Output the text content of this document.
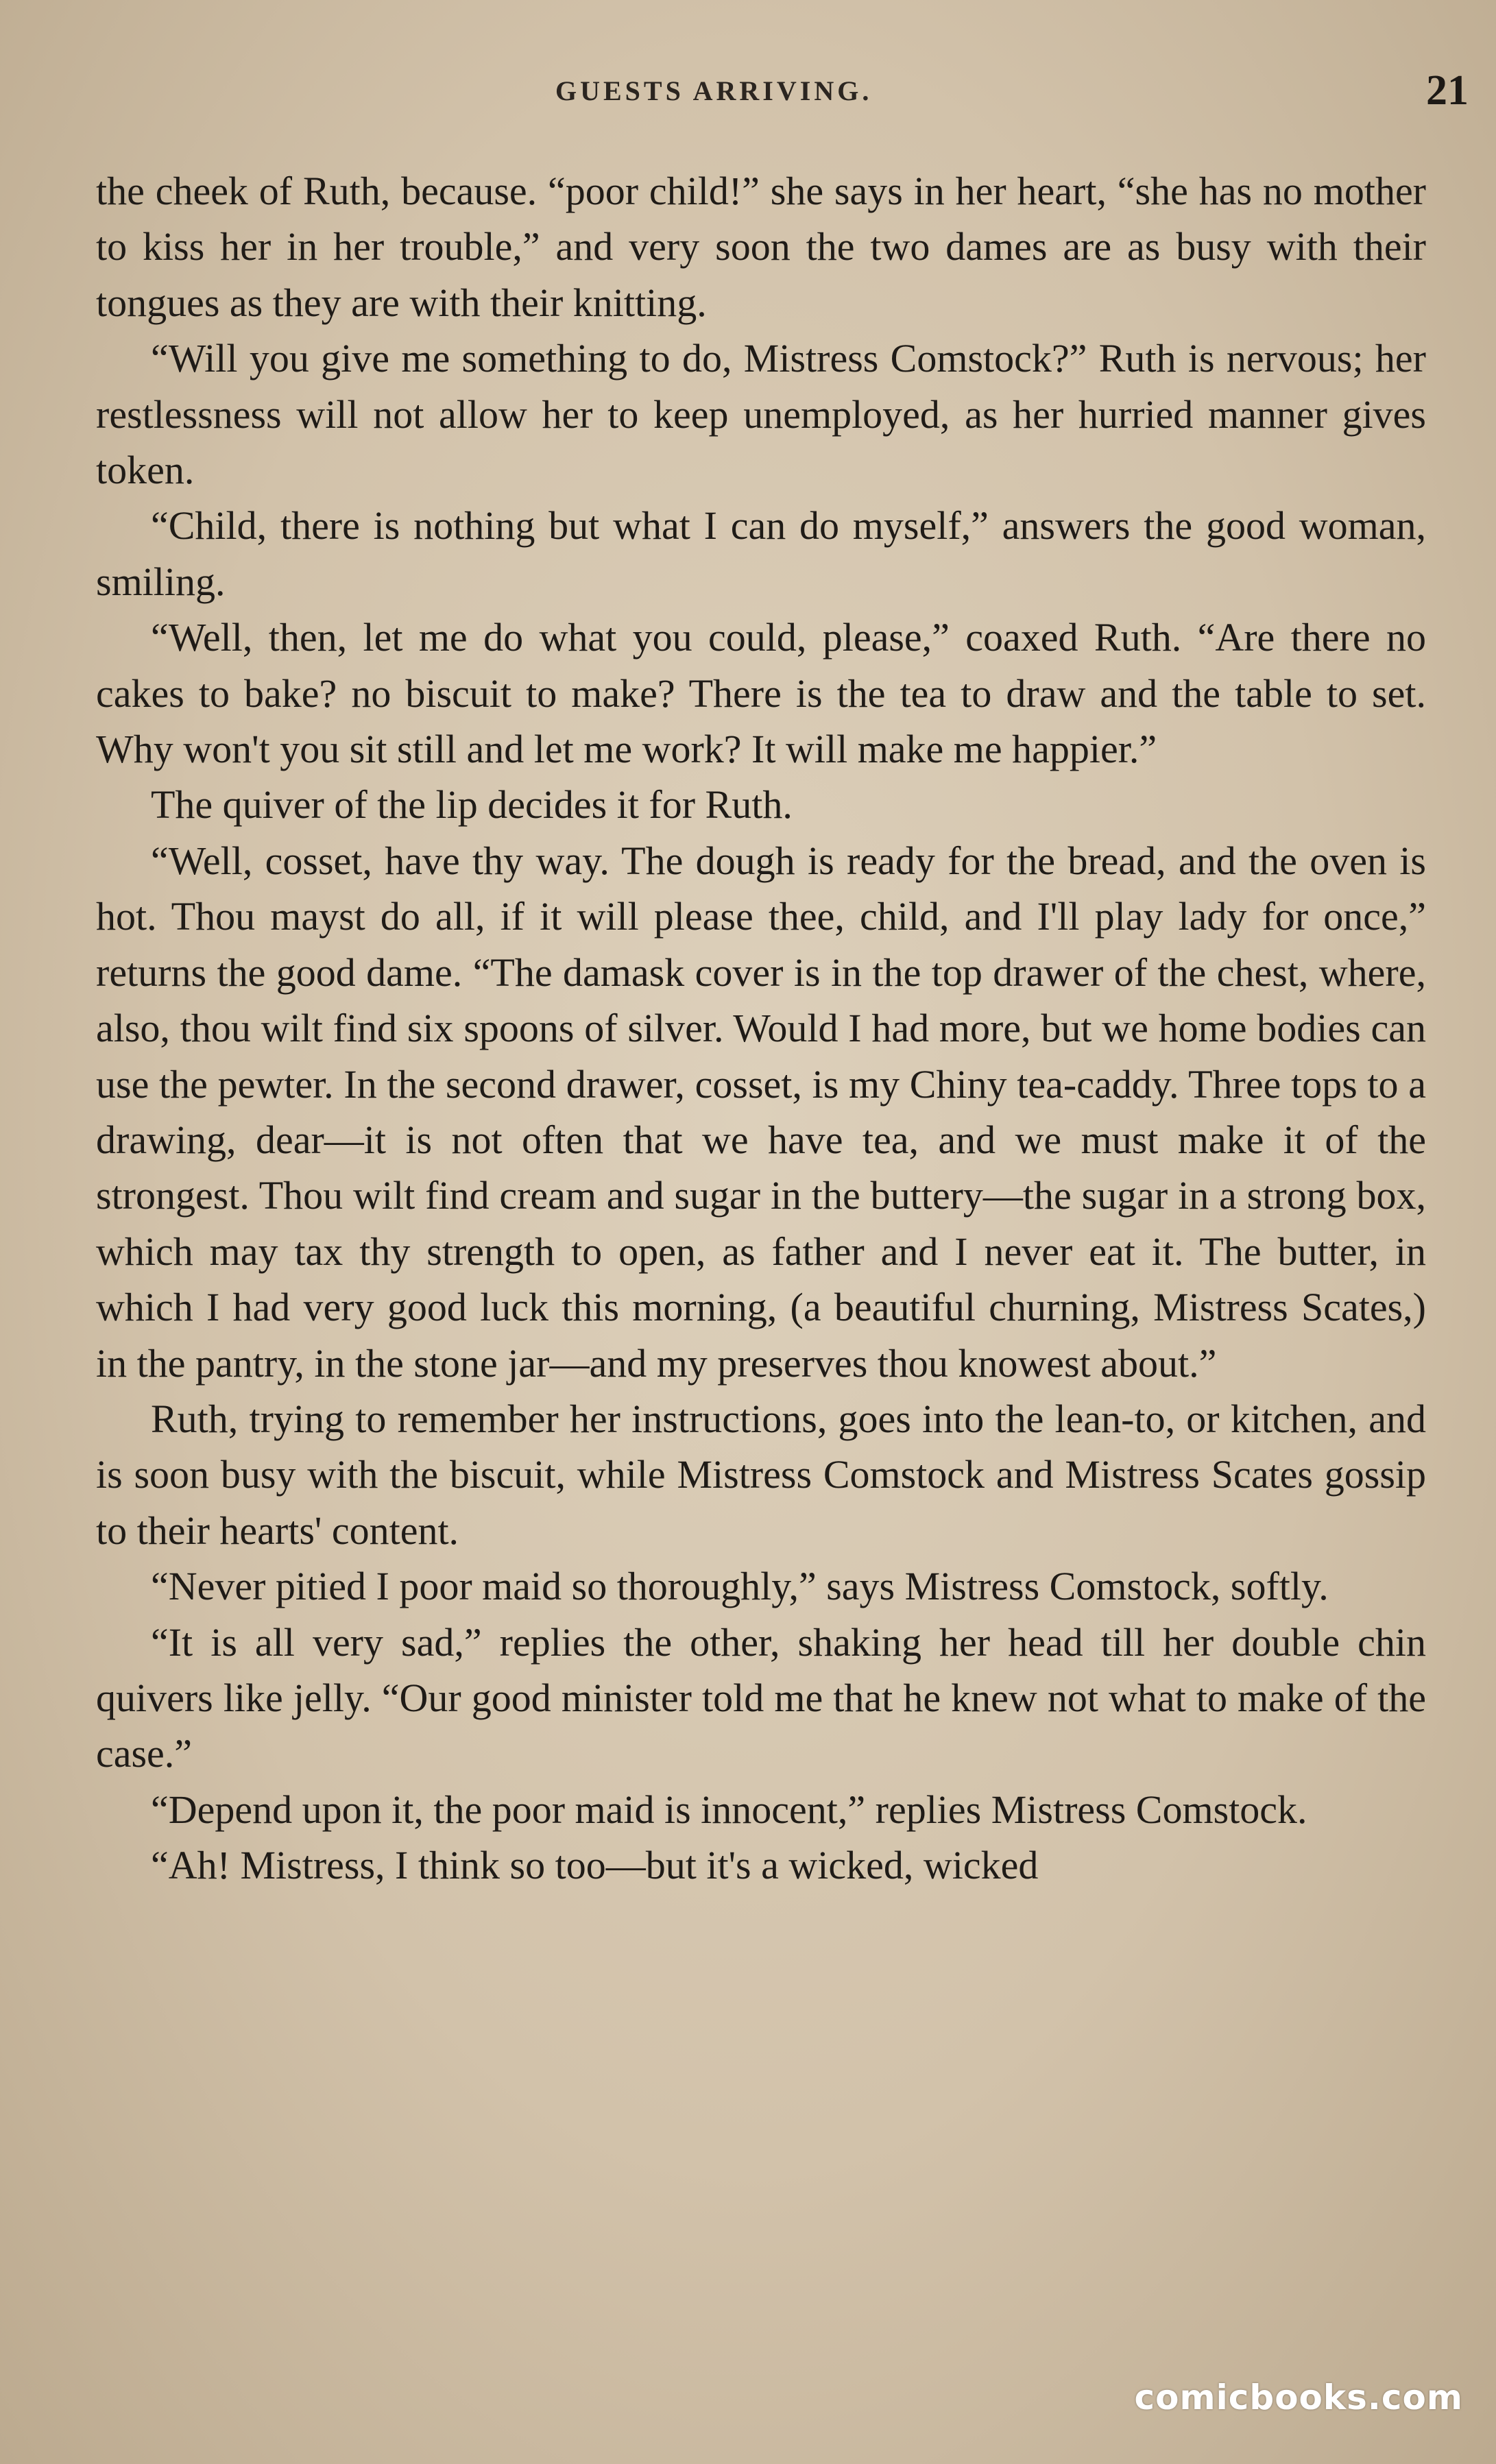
GUESTS ARRIVING.	21

the cheek of Ruth, because. “poor child!” she says in her heart, “she has no mother to kiss her in her trouble,” and very soon the two dames are as busy with their tongues as they are with their knitting.

“Will you give me something to do, Mistress Comstock?” Ruth is nervous; her restlessness will not allow her to keep unemployed, as her hurried manner gives token.

“Child, there is nothing but what I can do myself,” answers the good woman, smiling.

“Well, then, let me do what you could, please,” coaxed Ruth. “Are there no cakes to bake? no biscuit to make? There is the tea to draw and the table to set. Why won't you sit still and let me work? It will make me happier.”

The quiver of the lip decides it for Ruth.

“Well, cosset, have thy way. The dough is ready for the bread, and the oven is hot. Thou mayst do all, if it will please thee, child, and I'll play lady for once,” returns the good dame. “The damask cover is in the top drawer of the chest, where, also, thou wilt find six spoons of silver. Would I had more, but we home bodies can use the pewter. In the second drawer, cosset, is my Chiny tea-caddy. Three tops to a drawing, dear—it is not often that we have tea, and we must make it of the strongest. Thou wilt find cream and sugar in the buttery—the sugar in a strong box, which may tax thy strength to open, as father and I never eat it. The butter, in which I had very good luck this morning, (a beautiful churning, Mistress Scates,) in the pantry, in the stone jar—and my preserves thou knowest about.”

Ruth, trying to remember her instructions, goes into the lean-to, or kitchen, and is soon busy with the biscuit, while Mistress Comstock and Mistress Scates gossip to their hearts' content.

“Never pitied I poor maid so thoroughly,” says Mistress Comstock, softly.

“It is all very sad,” replies the other, shaking her head till her double chin quivers like jelly. “Our good minister told me that he knew not what to make of the case.”

“Depend upon it, the poor maid is innocent,” replies Mistress Comstock.

“Ah! Mistress, I think so too—but it's a wicked, wicked

comicbooks.com
